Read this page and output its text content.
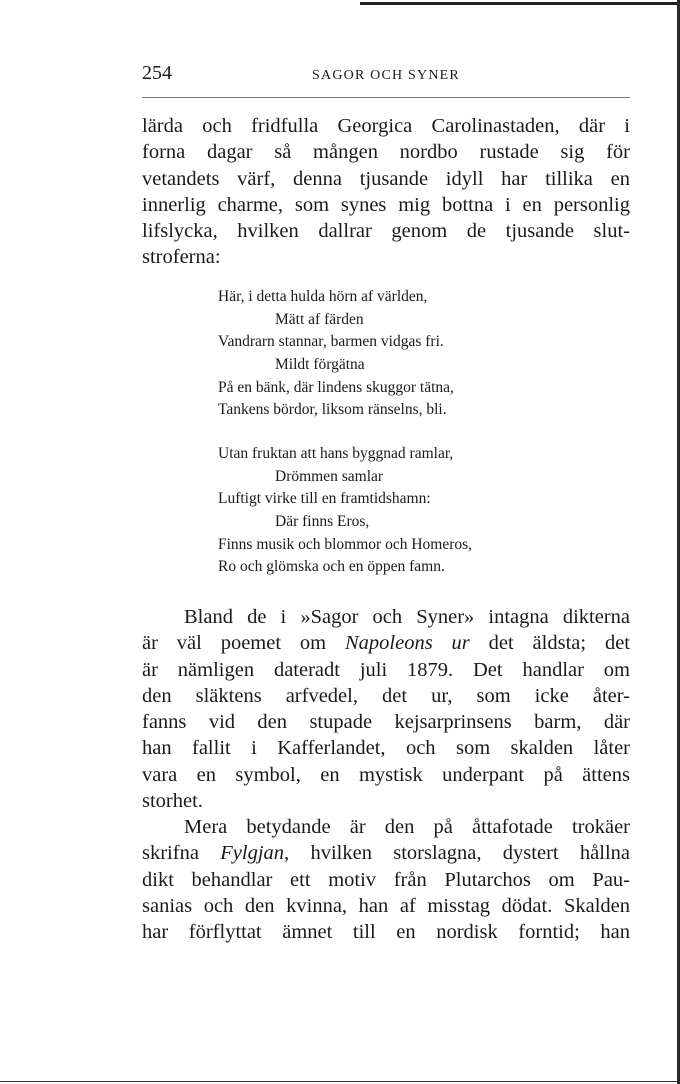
254	SAGOR OCH SYNER
lärda och fridfulla Georgica Carolinastaden, där i
forna dagar så mången nordbo rustade sig för
vetandets värf, denna tjusande idyll har tillika en
innerlig charme, som synes mig bottna i en personlig
lifslycka, hvilken dallrar genom de tjusande slut-
stroferna:
Här, i detta hulda hörn af världen,
Mätt af färden
Vandrarn stannar, barmen vidgas fri.
Mildt förgätna
På en bänk, där lindens skuggor tätna,
Tankens bördor, liksom ränselns, bli.
Utan fruktan att hans byggnad ramlar,
Drömmen samlar
Luftigt virke till en framtidshamn:
Där finns Eros,
Finns musik och blommor och Homeros,
Ro och glömska och en öppen famn.
Bland de i »Sagor och Syner» intagna dikterna
är väl poemet om Napoleons ur det äldsta; det
är nämligen dateradt juli 1879. Det handlar om
den släktens arfvedel, det ur, som icke åter-
fanns vid den stupade kejsarprinsens barm, där
han fallit i Kafferlandet, och som skalden låter
vara en symbol, en mystisk underpant på ättens
storhet.
Mera betydande är den på åttafotade trokäer
skrifna Fylgjan, hvilken storslagna, dystert hållna
dikt behandlar ett motiv från Plutarchos om Pau-
sanias och den kvinna, han af misstag dödat. Skalden
har förflyttat ämnet till en nordisk forntid; han
